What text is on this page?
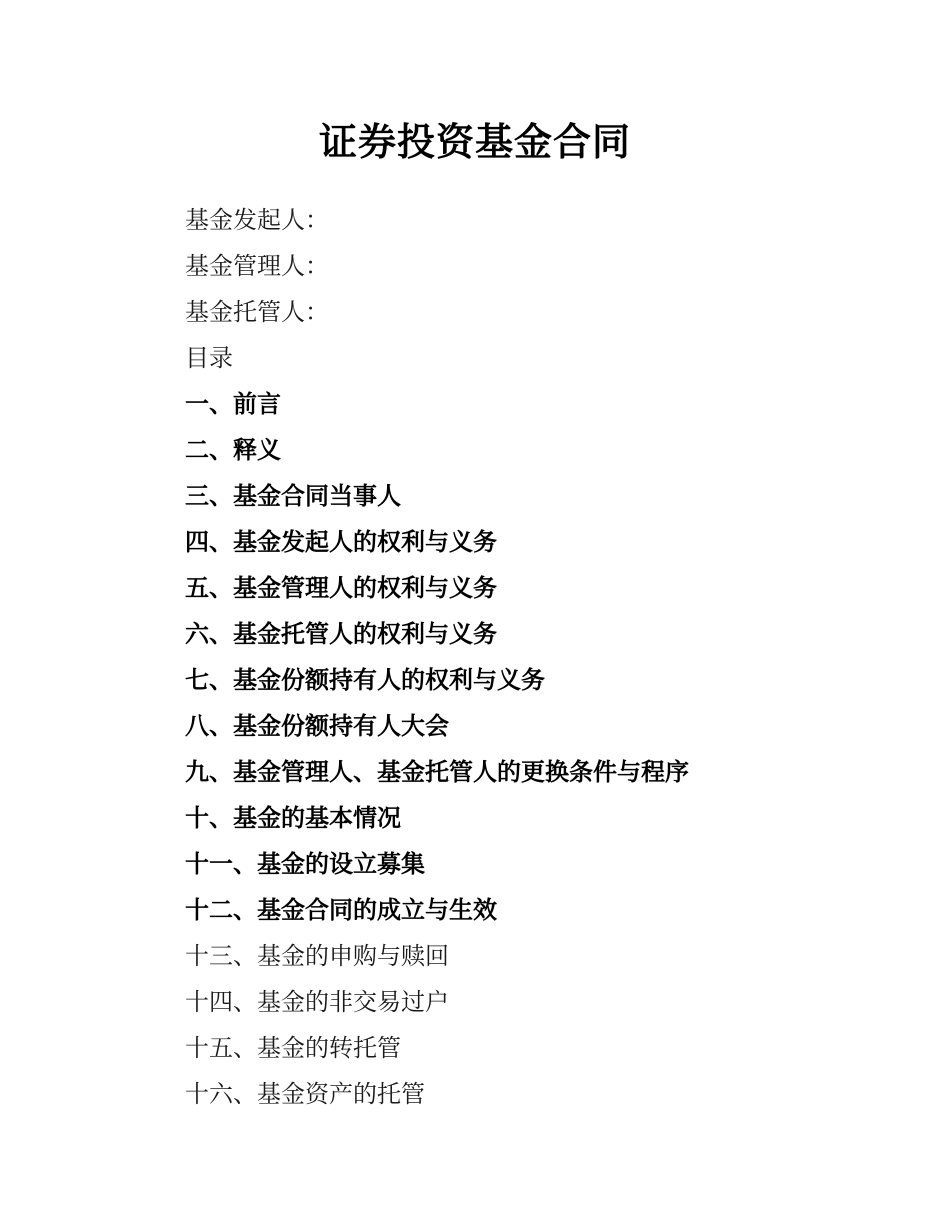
证券投资基金合同
基金发起人：
基金管理人：
基金托管人：
目录
一、前言
二、释义
三、基金合同当事人
四、基金发起人的权利与义务
五、基金管理人的权利与义务
六、基金托管人的权利与义务
七、基金份额持有人的权利与义务
八、基金份额持有人大会
九、基金管理人、基金托管人的更换条件与程序
十、基金的基本情况
十一、基金的设立募集
十二、基金合同的成立与生效
十三、基金的申购与赎回
十四、基金的非交易过户
十五、基金的转托管
十六、基金资产的托管
